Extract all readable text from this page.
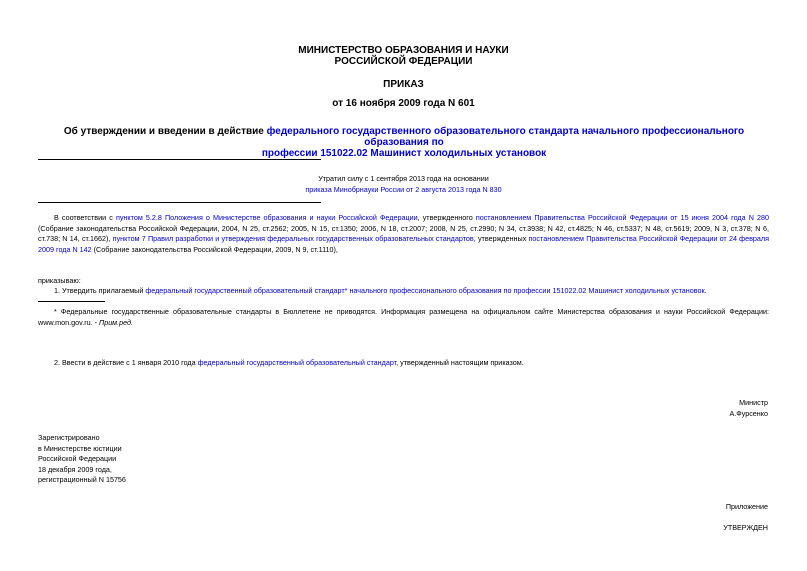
МИНИСТЕРСТВО ОБРАЗОВАНИЯ И НАУКИ
РОССИЙСКОЙ ФЕДЕРАЦИИ
ПРИКАЗ
от 16 ноября 2009 года N 601
Об утверждении и введении в действие федерального государственного образовательного стандарта начального профессионального образования по
профессии 151022.02 Машинист холодильных установок
Утратил силу с 1 сентября 2013 года на основании
приказа Минобрнауки России от 2 августа 2013 года N 830
В соответствии с пунктом 5.2.8 Положения о Министерстве образования и науки Российской Федерации, утвержденного постановлением Правительства Российской Федерации от 15 июня 2004 года N 280 (Собрание законодательства Российской Федерации, 2004, N 25, ст.2562; 2005, N 15, ст.1350; 2006, N 18, ст.2007; 2008, N 25, ст.2990; N 34, ст.3938; N 42, ст.4825; N 46, ст.5337; N 48, ст.5619; 2009, N 3, ст.378; N 6, ст.738; N 14, ст.1662), пунктом 7 Правил разработки и утверждения федеральных государственных образовательных стандартов, утвержденных постановлением Правительства Российской Федерации от 24 февраля 2009 года N 142 (Собрание законодательства Российской Федерации, 2009, N 9, ст.1110),
приказываю:
1. Утвердить прилагаемый федеральный государственный образовательный стандарт* начального профессионального образования по профессии 151022.02 Машинист холодильных установок.
* Федеральные государственные образовательные стандарты в Бюллетене не приводятся. Информация размещена на официальном сайте Министерства образования и науки Российской Федерации: www.mon.gov.ru. - Прим.ред.
2. Ввести в действие с 1 января 2010 года федеральный государственный образовательный стандарт, утвержденный настоящим приказом.
Министр
А.Фурсенко
Зарегистрировано
в Министерстве юстиции
Российской Федерации
18 декабря 2009 года,
регистрационный N 15756
Приложение
УТВЕРЖДЕН
